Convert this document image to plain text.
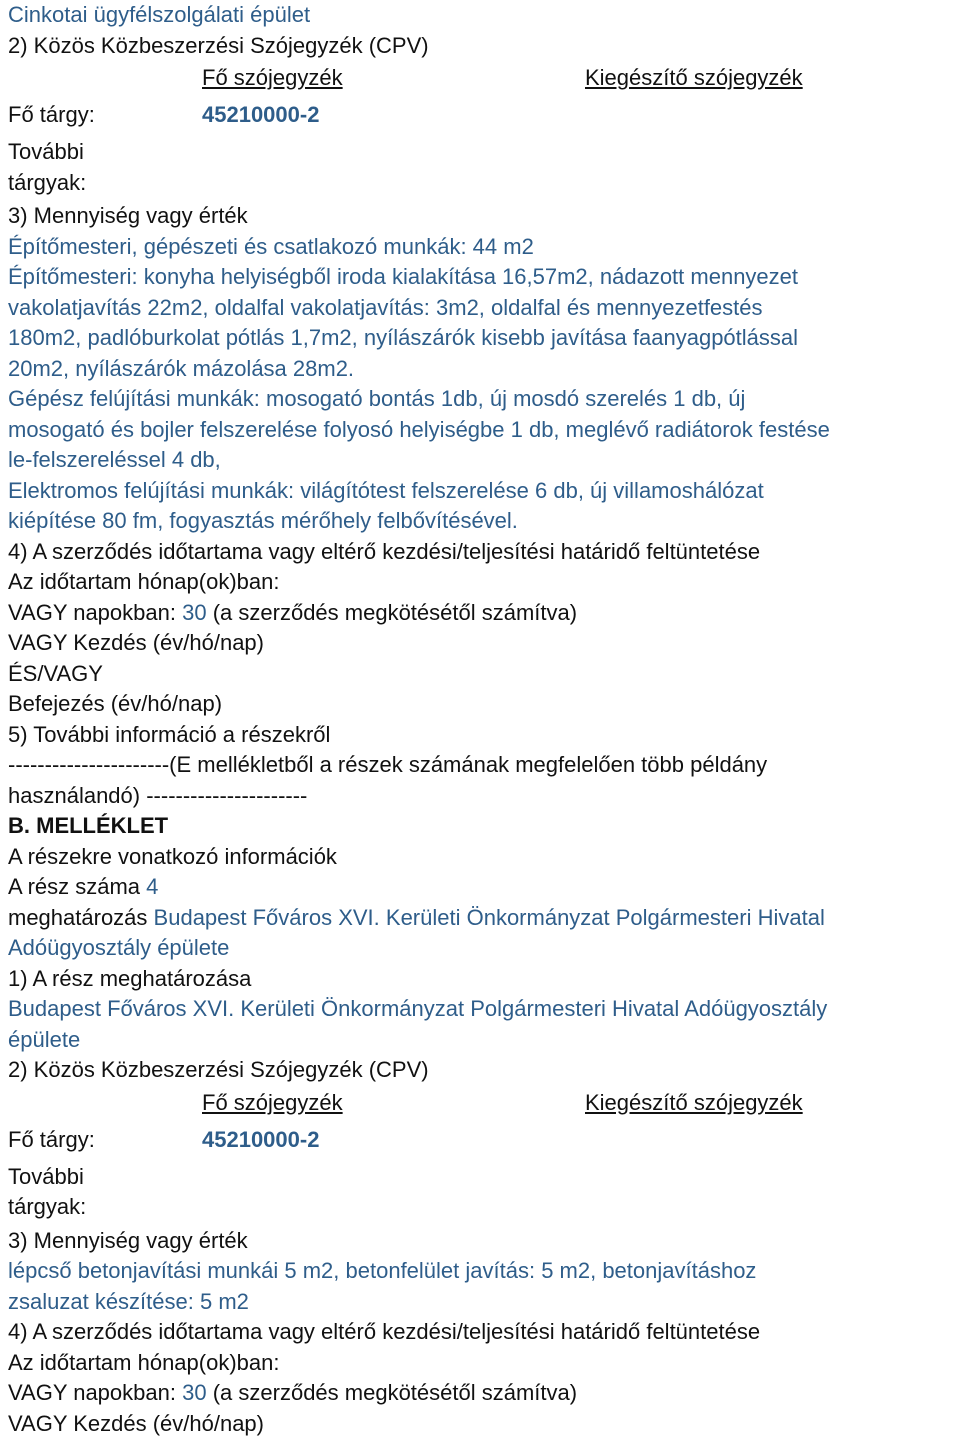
Cinkotai ügyfélszolgálati épület
2) Közös Közbeszerzési Szójegyzék (CPV)
Fő szójegyzék	Kiegészítő szójegyzék
Fő tárgy:	45210000-2
További
tárgyak:
3) Mennyiség vagy érték
Építőmesteri, gépészeti és csatlakozó munkák: 44 m2
Építőmesteri: konyha helyiségből iroda kialakítása 16,57m2, nádazott mennyezet
vakolatjavítás 22m2, oldalfal vakolatjavítás: 3m2, oldalfal és mennyezetfestés
180m2, padlóburkolat pótlás 1,7m2, nyílászárók kisebb javítása faanyagpótlással
20m2, nyílászárók mázolása 28m2.
Gépész felújítási munkák: mosogató bontás 1db, új mosdó szerelés 1 db, új
mosogató és bojler felszerelése folyosó helyiségbe 1 db, meglévő radiátorok festése
le-felszereléssel 4 db,
Elektromos felújítási munkák: világítótest felszerelése 6 db, új villamoshálózat
kiépítése 80 fm, fogyasztás mérőhely felbővítésével.
4) A szerződés időtartama vagy eltérő kezdési/teljesítési határidő feltüntetése
Az időtartam hónap(ok)ban:
VAGY napokban: 30 (a szerződés megkötésétől számítva)
VAGY Kezdés (év/hó/nap)
ÉS/VAGY
Befejezés (év/hó/nap)
5) További információ a részekről
----------------------(E mellékletből a részek számának megfelelően több példány
használandó) ----------------------
B. MELLÉKLET
A részekre vonatkozó információk
A rész száma 4
meghatározás Budapest Főváros XVI. Kerületi Önkormányzat Polgármesteri Hivatal
Adóügyosztály épülete
1) A rész meghatározása
Budapest Főváros XVI. Kerületi Önkormányzat Polgármesteri Hivatal Adóügyosztály
épülete
2) Közös Közbeszerzési Szójegyzék (CPV)
Fő szójegyzék	Kiegészítő szójegyzék
Fő tárgy:	45210000-2
További
tárgyak:
3) Mennyiség vagy érték
lépcső betonjavítási munkái 5 m2, betonfelület javítás: 5 m2, betonjavításhoz
zsaluzat készítése: 5 m2
4) A szerződés időtartama vagy eltérő kezdési/teljesítési határidő feltüntetése
Az időtartam hónap(ok)ban:
VAGY napokban: 30 (a szerződés megkötésétől számítva)
VAGY Kezdés (év/hó/nap)
